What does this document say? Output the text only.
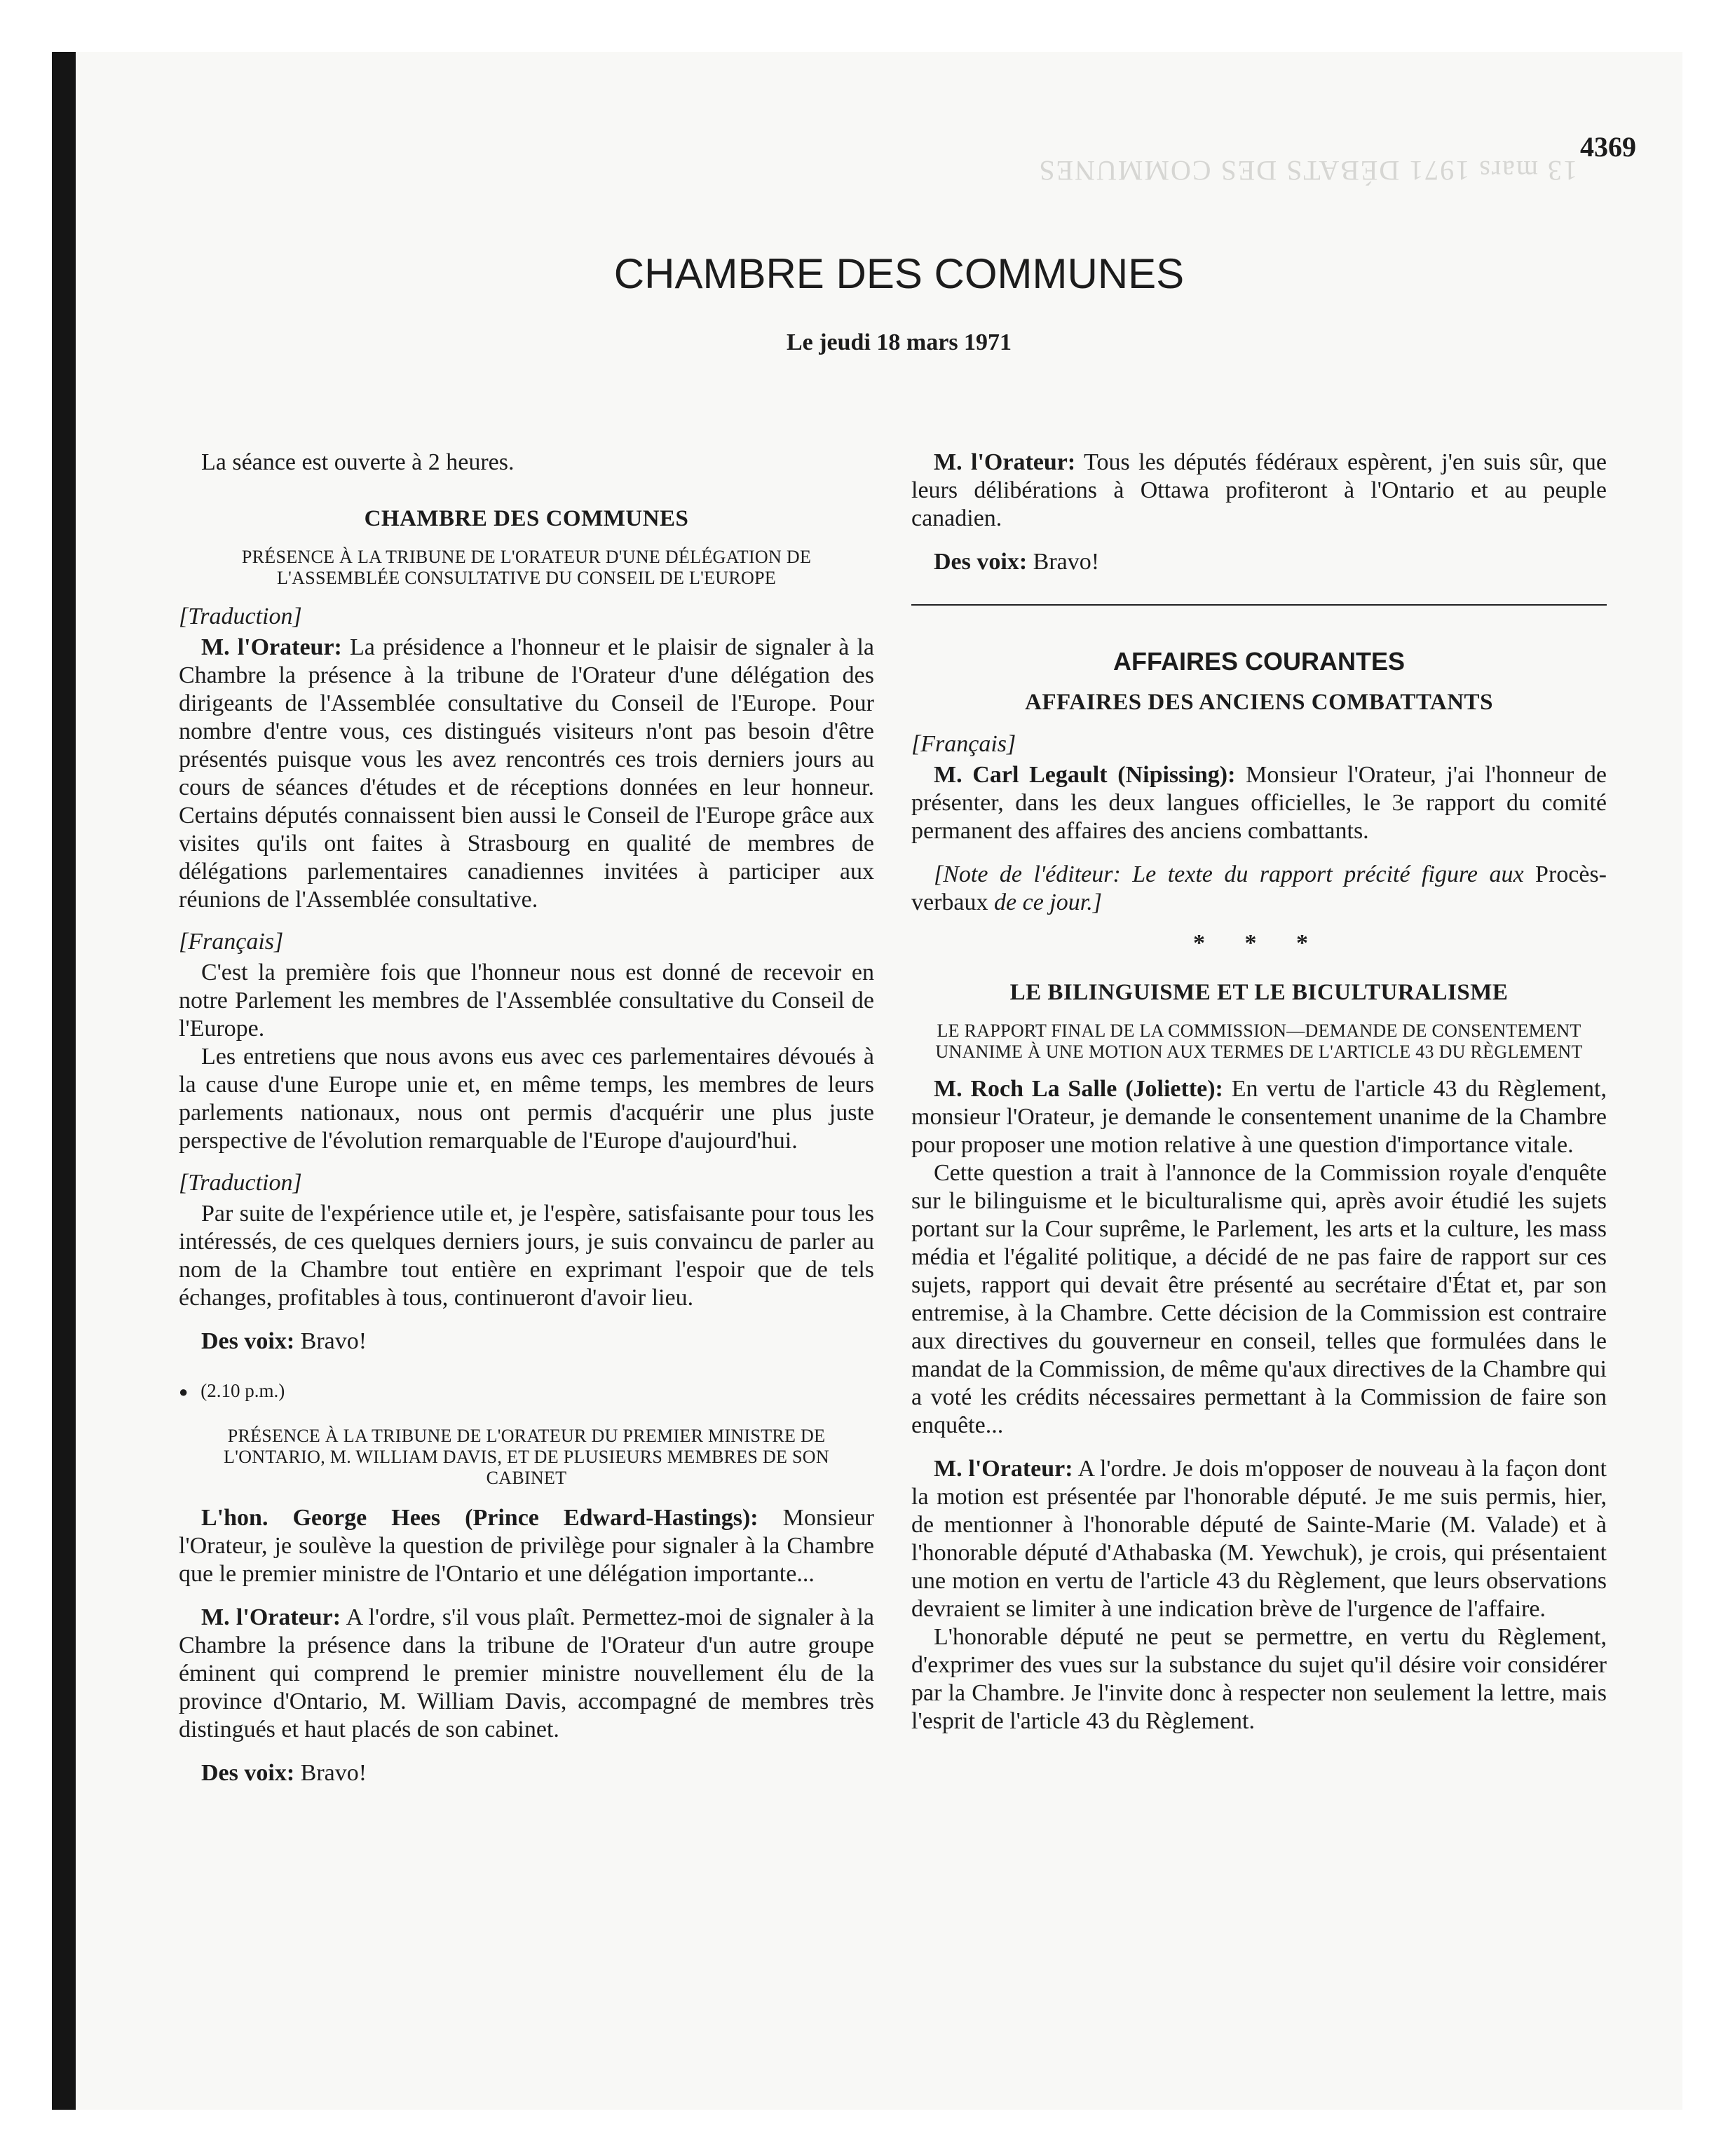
13 mars 1971 DÉBATS DES COMMUNES
4369
CHAMBRE DES COMMUNES
Le jeudi 18 mars 1971

La séance est ouverte à 2 heures.

CHAMBRE DES COMMUNES
PRÉSENCE À LA TRIBUNE DE L'ORATEUR D'UNE DÉLÉGATION DE L'ASSEMBLÉE CONSULTATIVE DU CONSEIL DE L'EUROPE

[Traduction]

M. l'Orateur: La présidence a l'honneur et le plaisir de signaler à la Chambre la présence à la tribune de l'Orateur d'une délégation des dirigeants de l'Assemblée consultative du Conseil de l'Europe. Pour nombre d'entre vous, ces distingués visiteurs n'ont pas besoin d'être présentés puisque vous les avez rencontrés ces trois derniers jours au cours de séances d'études et de réceptions données en leur honneur. Certains députés connaissent bien aussi le Conseil de l'Europe grâce aux visites qu'ils ont faites à Strasbourg en qualité de membres de délégations parlementaires canadiennes invitées à participer aux réunions de l'Assemblée consultative.

[Français]

C'est la première fois que l'honneur nous est donné de recevoir en notre Parlement les membres de l'Assemblée consultative du Conseil de l'Europe.

Les entretiens que nous avons eus avec ces parlementaires dévoués à la cause d'une Europe unie et, en même temps, les membres de leurs parlements nationaux, nous ont permis d'acquérir une plus juste perspective de l'évolution remarquable de l'Europe d'aujourd'hui.

[Traduction]

Par suite de l'expérience utile et, je l'espère, satisfaisante pour tous les intéressés, de ces quelques derniers jours, je suis convaincu de parler au nom de la Chambre tout entière en exprimant l'espoir que de tels échanges, profitables à tous, continueront d'avoir lieu.

Des voix: Bravo!

● (2.10 p.m.)

PRÉSENCE À LA TRIBUNE DE L'ORATEUR DU PREMIER MINISTRE DE L'ONTARIO, M. WILLIAM DAVIS, ET DE PLUSIEURS MEMBRES DE SON CABINET

L'hon. George Hees (Prince Edward-Hastings): Monsieur l'Orateur, je soulève la question de privilège pour signaler à la Chambre que le premier ministre de l'Ontario et une délégation importante...

M. l'Orateur: A l'ordre, s'il vous plaît. Permettez-moi de signaler à la Chambre la présence dans la tribune de l'Orateur d'un autre groupe éminent qui comprend le premier ministre nouvellement élu de la province d'Ontario, M. William Davis, accompagné de membres très distingués et haut placés de son cabinet.

Des voix: Bravo!

M. l'Orateur: Tous les députés fédéraux espèrent, j'en suis sûr, que leurs délibérations à Ottawa profiteront à l'Ontario et au peuple canadien.

Des voix: Bravo!

AFFAIRES COURANTES
AFFAIRES DES ANCIENS COMBATTANTS

[Français]

M. Carl Legault (Nipissing): Monsieur l'Orateur, j'ai l'honneur de présenter, dans les deux langues officielles, le 3e rapport du comité permanent des affaires des anciens combattants.

[Note de l'éditeur: Le texte du rapport précité figure aux Procès-verbaux de ce jour.]

* * *

LE BILINGUISME ET LE BICULTURALISME
LE RAPPORT FINAL DE LA COMMISSION—DEMANDE DE CONSENTEMENT UNANIME À UNE MOTION AUX TERMES DE L'ARTICLE 43 DU RÈGLEMENT

M. Roch La Salle (Joliette): En vertu de l'article 43 du Règlement, monsieur l'Orateur, je demande le consentement unanime de la Chambre pour proposer une motion relative à une question d'importance vitale.

Cette question a trait à l'annonce de la Commission royale d'enquête sur le bilinguisme et le biculturalisme qui, après avoir étudié les sujets portant sur la Cour suprême, le Parlement, les arts et la culture, les mass média et l'égalité politique, a décidé de ne pas faire de rapport sur ces sujets, rapport qui devait être présenté au secrétaire d'État et, par son entremise, à la Chambre. Cette décision de la Commission est contraire aux directives du gouverneur en conseil, telles que formulées dans le mandat de la Commission, de même qu'aux directives de la Chambre qui a voté les crédits nécessaires permettant à la Commission de faire son enquête...

M. l'Orateur: A l'ordre. Je dois m'opposer de nouveau à la façon dont la motion est présentée par l'honorable député. Je me suis permis, hier, de mentionner à l'honorable député de Sainte-Marie (M. Valade) et à l'honorable député d'Athabaska (M. Yewchuk), je crois, qui présentaient une motion en vertu de l'article 43 du Règlement, que leurs observations devraient se limiter à une indication brève de l'urgence de l'affaire.

L'honorable député ne peut se permettre, en vertu du Règlement, d'exprimer des vues sur la substance du sujet qu'il désire voir considérer par la Chambre. Je l'invite donc à respecter non seulement la lettre, mais l'esprit de l'article 43 du Règlement.
